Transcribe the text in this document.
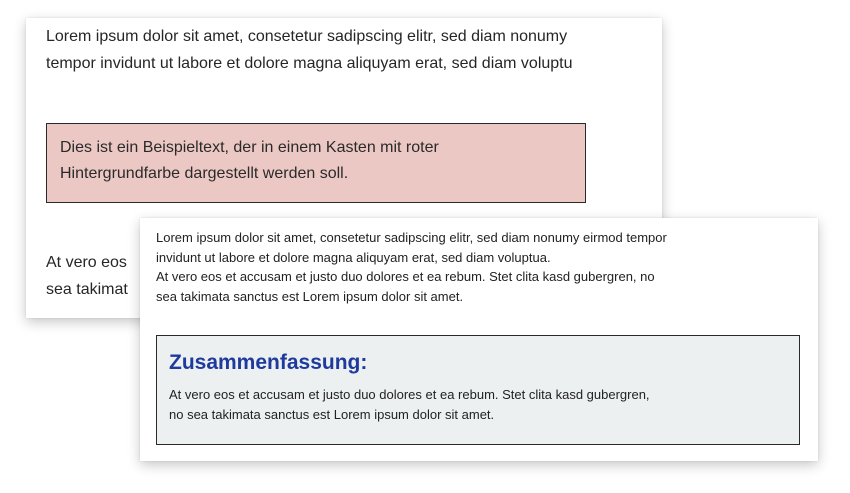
Lorem ipsum dolor sit amet, consetetur sadipscing elitr, sed diam nonumy
tempor invidunt ut labore et dolore magna aliquyam erat, sed diam voluptu

Dies ist ein Beispieltext, der in einem Kasten mit roter
Hintergrundfarbe dargestellt werden soll.

At vero eos
sea takimat

Lorem ipsum dolor sit amet, consetetur sadipscing elitr, sed diam nonumy eirmod tempor
invidunt ut labore et dolore magna aliquyam erat, sed diam voluptua.
At vero eos et accusam et justo duo dolores et ea rebum. Stet clita kasd gubergren, no
sea takimata sanctus est Lorem ipsum dolor sit amet.

Zusammenfassung:

At vero eos et accusam et justo duo dolores et ea rebum. Stet clita kasd gubergren,
no sea takimata sanctus est Lorem ipsum dolor sit amet.
